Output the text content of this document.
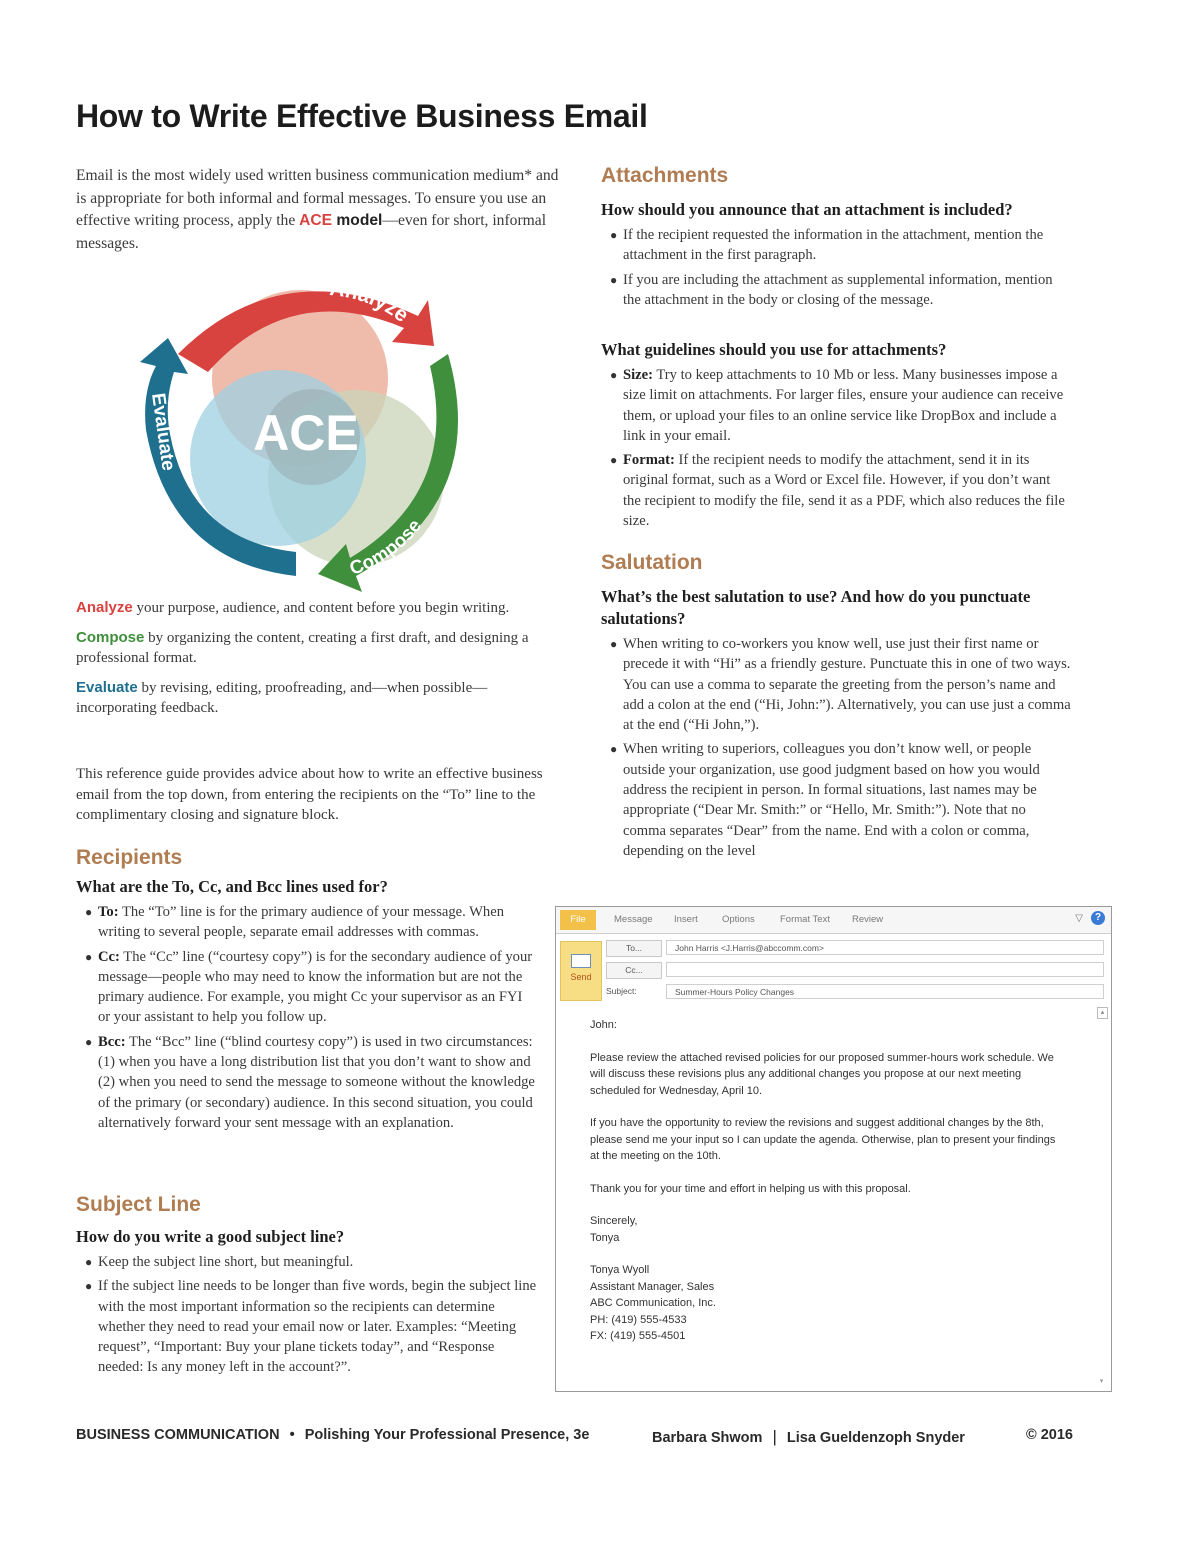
How to Write Effective Business Email

Email is the most widely used written business communication medium* and is appropriate for both informal and formal messages. To ensure you use an effective writing process, apply the ACE model—even for short, informal messages.

ACE
Analyze
Compose
Evaluate

Analyze your purpose, audience, and content before you begin writing.

Compose by organizing the content, creating a first draft, and designing a professional format.

Evaluate by revising, editing, proofreading, and—when possible—incorporating feedback.

This reference guide provides advice about how to write an effective business email from the top down, from entering the recipients on the “To” line to the complimentary closing and signature block.

Recipients

What are the To, Cc, and Bcc lines used for?

● To: The “To” line is for the primary audience of your message. When writing to several people, separate email addresses with commas.
● Cc: The “Cc” line (“courtesy copy”) is for the secondary audience of your message—people who may need to know the information but are not the primary audience. For example, you might Cc your supervisor as an FYI or your assistant to help you follow up.
● Bcc: The “Bcc” line (“blind courtesy copy”) is used in two circumstances: (1) when you have a long distribution list that you don’t want to show and (2) when you need to send the message to someone without the knowledge of the primary (or secondary) audience. In this second situation, you could alternatively forward your sent message with an explanation.
Subject Line

How do you write a good subject line?

● Keep the subject line short, but meaningful.
● If the subject line needs to be longer than five words, begin the subject line with the most important information so the recipients can determine whether they need to read your email now or later. Examples: “Meeting request”, “Important: Buy your plane tickets today”, and “Response needed: Is any money left in the account?”.
Attachments

How should you announce that an attachment is included?

● If the recipient requested the information in the attachment, mention the attachment in the first paragraph.
● If you are including the attachment as supplemental information, mention the attachment in the body or closing of the message.

What guidelines should you use for attachments?

● Size: Try to keep attachments to 10 Mb or less. Many businesses impose a size limit on attachments. For larger files, ensure your audience can receive them, or upload your files to an online service like DropBox and include a link in your email.
● Format: If the recipient needs to modify the attachment, send it in its original format, such as a Word or Excel file. However, if you don’t want the recipient to modify the file, send it as a PDF, which also reduces the file size.
Salutation

What’s the best salutation to use? And how do you punctuate salutations?

● When writing to co-workers you know well, use just their first name or precede it with “Hi” as a friendly gesture. Punctuate this in one of two ways. You can use a comma to separate the greeting from the person’s name and add a colon at the end (“Hi, John:”). Alternatively, you can use just a comma at the end (“Hi John,”).
● When writing to superiors, colleagues you don’t know well, or people outside your organization, use good judgment based on how you would address the recipient in person. In formal situations, last names may be appropriate (“Dear Mr. Smith:” or “Hello, Mr. Smith:”). Note that no comma separates “Dear” from the name. End with a colon or comma, depending on the level
File	Message Insert	Options	Format Text Review	▽	?
Send
To...	John Harris <J.Harris@abccomm.com>
Cc...
Subject:	Summer-Hours Policy Changes

John:

Please review the attached revised policies for our proposed summer-hours work schedule. We will discuss these revisions plus any additional changes you propose at our next meeting scheduled for Wednesday, April 10.

If you have the opportunity to review the revisions and suggest additional changes by the 8th, please send me your input so I can update the agenda. Otherwise, plan to present your findings at the meeting on the 10th.

Thank you for your time and effort in helping us with this proposal.

Sincerely,

Tonya

Tonya Wyoll

Assistant Manager, Sales

ABC Communication, Inc.

PH: (419) 555-4533

FX: (419) 555-4501

▴
▾
BUSINESS COMMUNICATION • Polishing Your Professional Presence, 3e	Barbara Shwom | Lisa Gueldenzoph Snyder	© 2016
